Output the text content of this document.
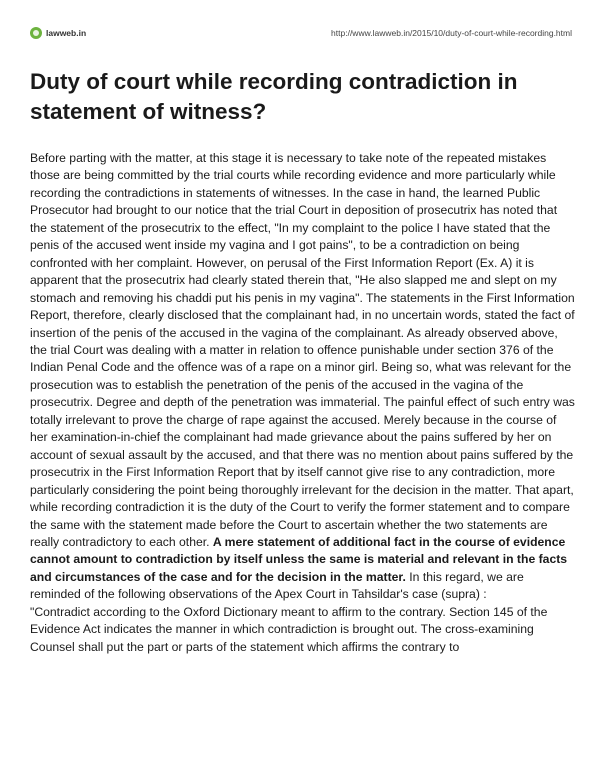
lawweb.in	http://www.lawweb.in/2015/10/duty-of-court-while-recording.html
Duty of court while recording contradiction in statement of witness?

Before parting with the matter, at this stage it is necessary to take note of the repeated mistakes those are being committed by the trial courts while recording evidence and more particularly while recording the contradictions in statements of witnesses. In the case in hand, the learned Public Prosecutor had brought to our notice that the trial Court in deposition of prosecutrix has noted that the statement of the prosecutrix to the effect, "In my complaint to the police I have stated that the penis of the accused went inside my vagina and I got pains", to be a contradiction on being confronted with her complaint. However, on perusal of the First Information Report (Ex. A) it is apparent that the prosecutrix had clearly stated therein that, "He also slapped me and slept on my stomach and removing his chaddi put his penis in my vagina". The statements in the First Information Report, therefore, clearly disclosed that the complainant had, in no uncertain words, stated the fact of insertion of the penis of the accused in the vagina of the complainant. As already observed above, the trial Court was dealing with a matter in relation to offence punishable under section 376 of the Indian Penal Code and the offence was of a rape on a minor girl. Being so, what was relevant for the prosecution was to establish the penetration of the penis of the accused in the vagina of the prosecutrix. Degree and depth of the penetration was immaterial. The painful effect of such entry was totally irrelevant to prove the charge of rape against the accused. Merely because in the course of her examination-in-chief the complainant had made grievance about the pains suffered by her on account of sexual assault by the accused, and that there was no mention about pains suffered by the prosecutrix in the First Information Report that by itself cannot give rise to any contradiction, more particularly considering the point being thoroughly irrelevant for the decision in the matter. That apart, while recording contradiction it is the duty of the Court to verify the former statement and to compare the same with the statement made before the Court to ascertain whether the two statements are really contradictory to each other. A mere statement of additional fact in the course of evidence cannot amount to contradiction by itself unless the same is material and relevant in the facts and circumstances of the case and for the decision in the matter. In this regard, we are reminded of the following observations of the Apex Court in Tahsildar's case (supra) :

"Contradict according to the Oxford Dictionary meant to affirm to the contrary. Section 145 of the Evidence Act indicates the manner in which contradiction is brought out. The cross-examining Counsel shall put the part or parts of the statement which affirms the contrary to
